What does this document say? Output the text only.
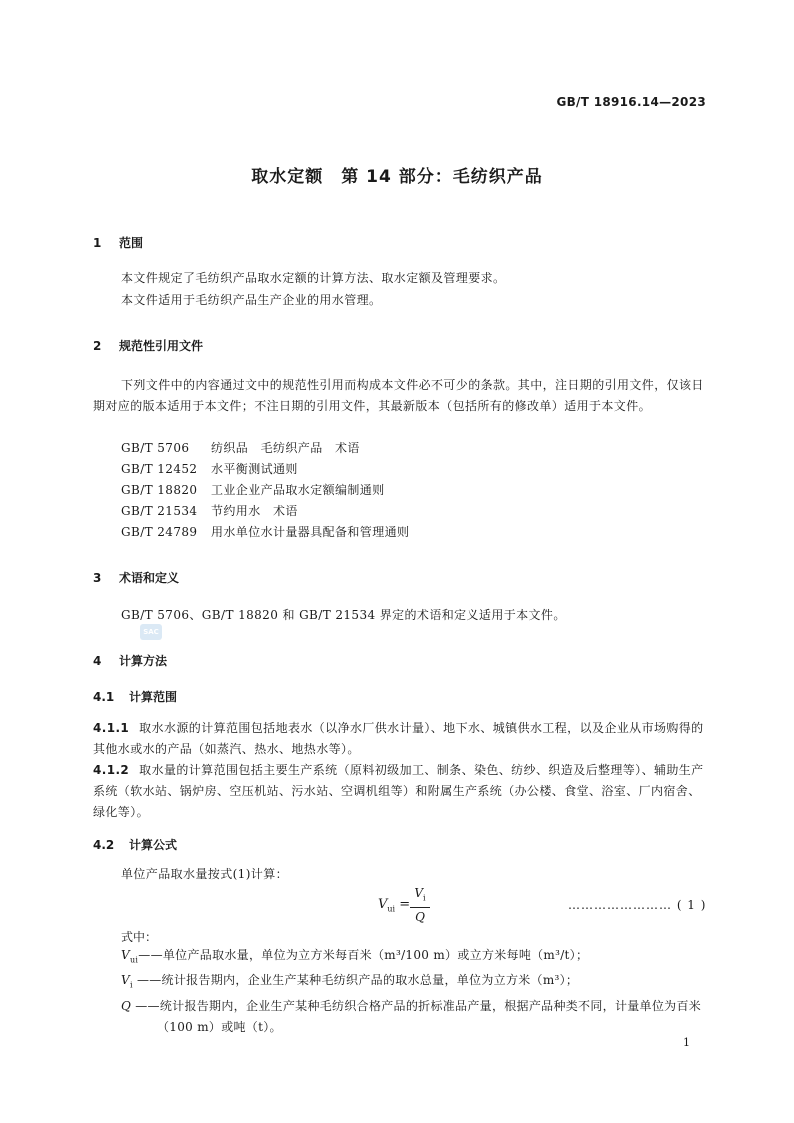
GB/T 18916.14—2023
取水定额　第 14 部分：毛纺织产品
1 范围
本文件规定了毛纺织产品取水定额的计算方法、取水定额及管理要求。
本文件适用于毛纺织产品生产企业的用水管理。
2 规范性引用文件
下列文件中的内容通过文中的规范性引用而构成本文件必不可少的条款。其中，注日期的引用文件，仅该日期对应的版本适用于本文件；不注日期的引用文件，其最新版本（包括所有的修改单）适用于本文件。
GB/T 5706 纺织品　毛纺织产品　术语
GB/T 12452 水平衡测试通则
GB/T 18820 工业企业产品取水定额编制通则
GB/T 21534 节约用水　术语
GB/T 24789 用水单位水计量器具配备和管理通则
3 术语和定义
GB/T 5706、GB/T 18820 和 GB/T 21534 界定的术语和定义适用于本文件。
SAC
4 计算方法
4.1 计算范围
4.1.1 取水水源的计算范围包括地表水（以净水厂供水计量）、地下水、城镇供水工程，以及企业从市场购得的其他水或水的产品（如蒸汽、热水、地热水等）。
4.1.2 取水量的计算范围包括主要生产系统（原料初级加工、制条、染色、纺纱、织造及后整理等）、辅助生产系统（软水站、锅炉房、空压机站、污水站、空调机组等）和附属生产系统（办公楼、食堂、浴室、厂内宿舍、绿化等）。
4.2 计算公式
单位产品取水量按式(1)计算：
$V_{ui}$ =
$V_i$
Q
…………………… ( 1 )
式中：
$V_{ui}——$单位产品取水量，单位为立方米每百米（m³/100 m）或立方米每吨（m³/t）；
$V_i$ ——统计报告期内，企业生产某种毛纺织产品的取水总量，单位为立方米（m³）；
Q ——统计报告期内，企业生产某种毛纺织合格产品的折标准品产量，根据产品种类不同，计量单位为百米（100 m）或吨（t）。
1
